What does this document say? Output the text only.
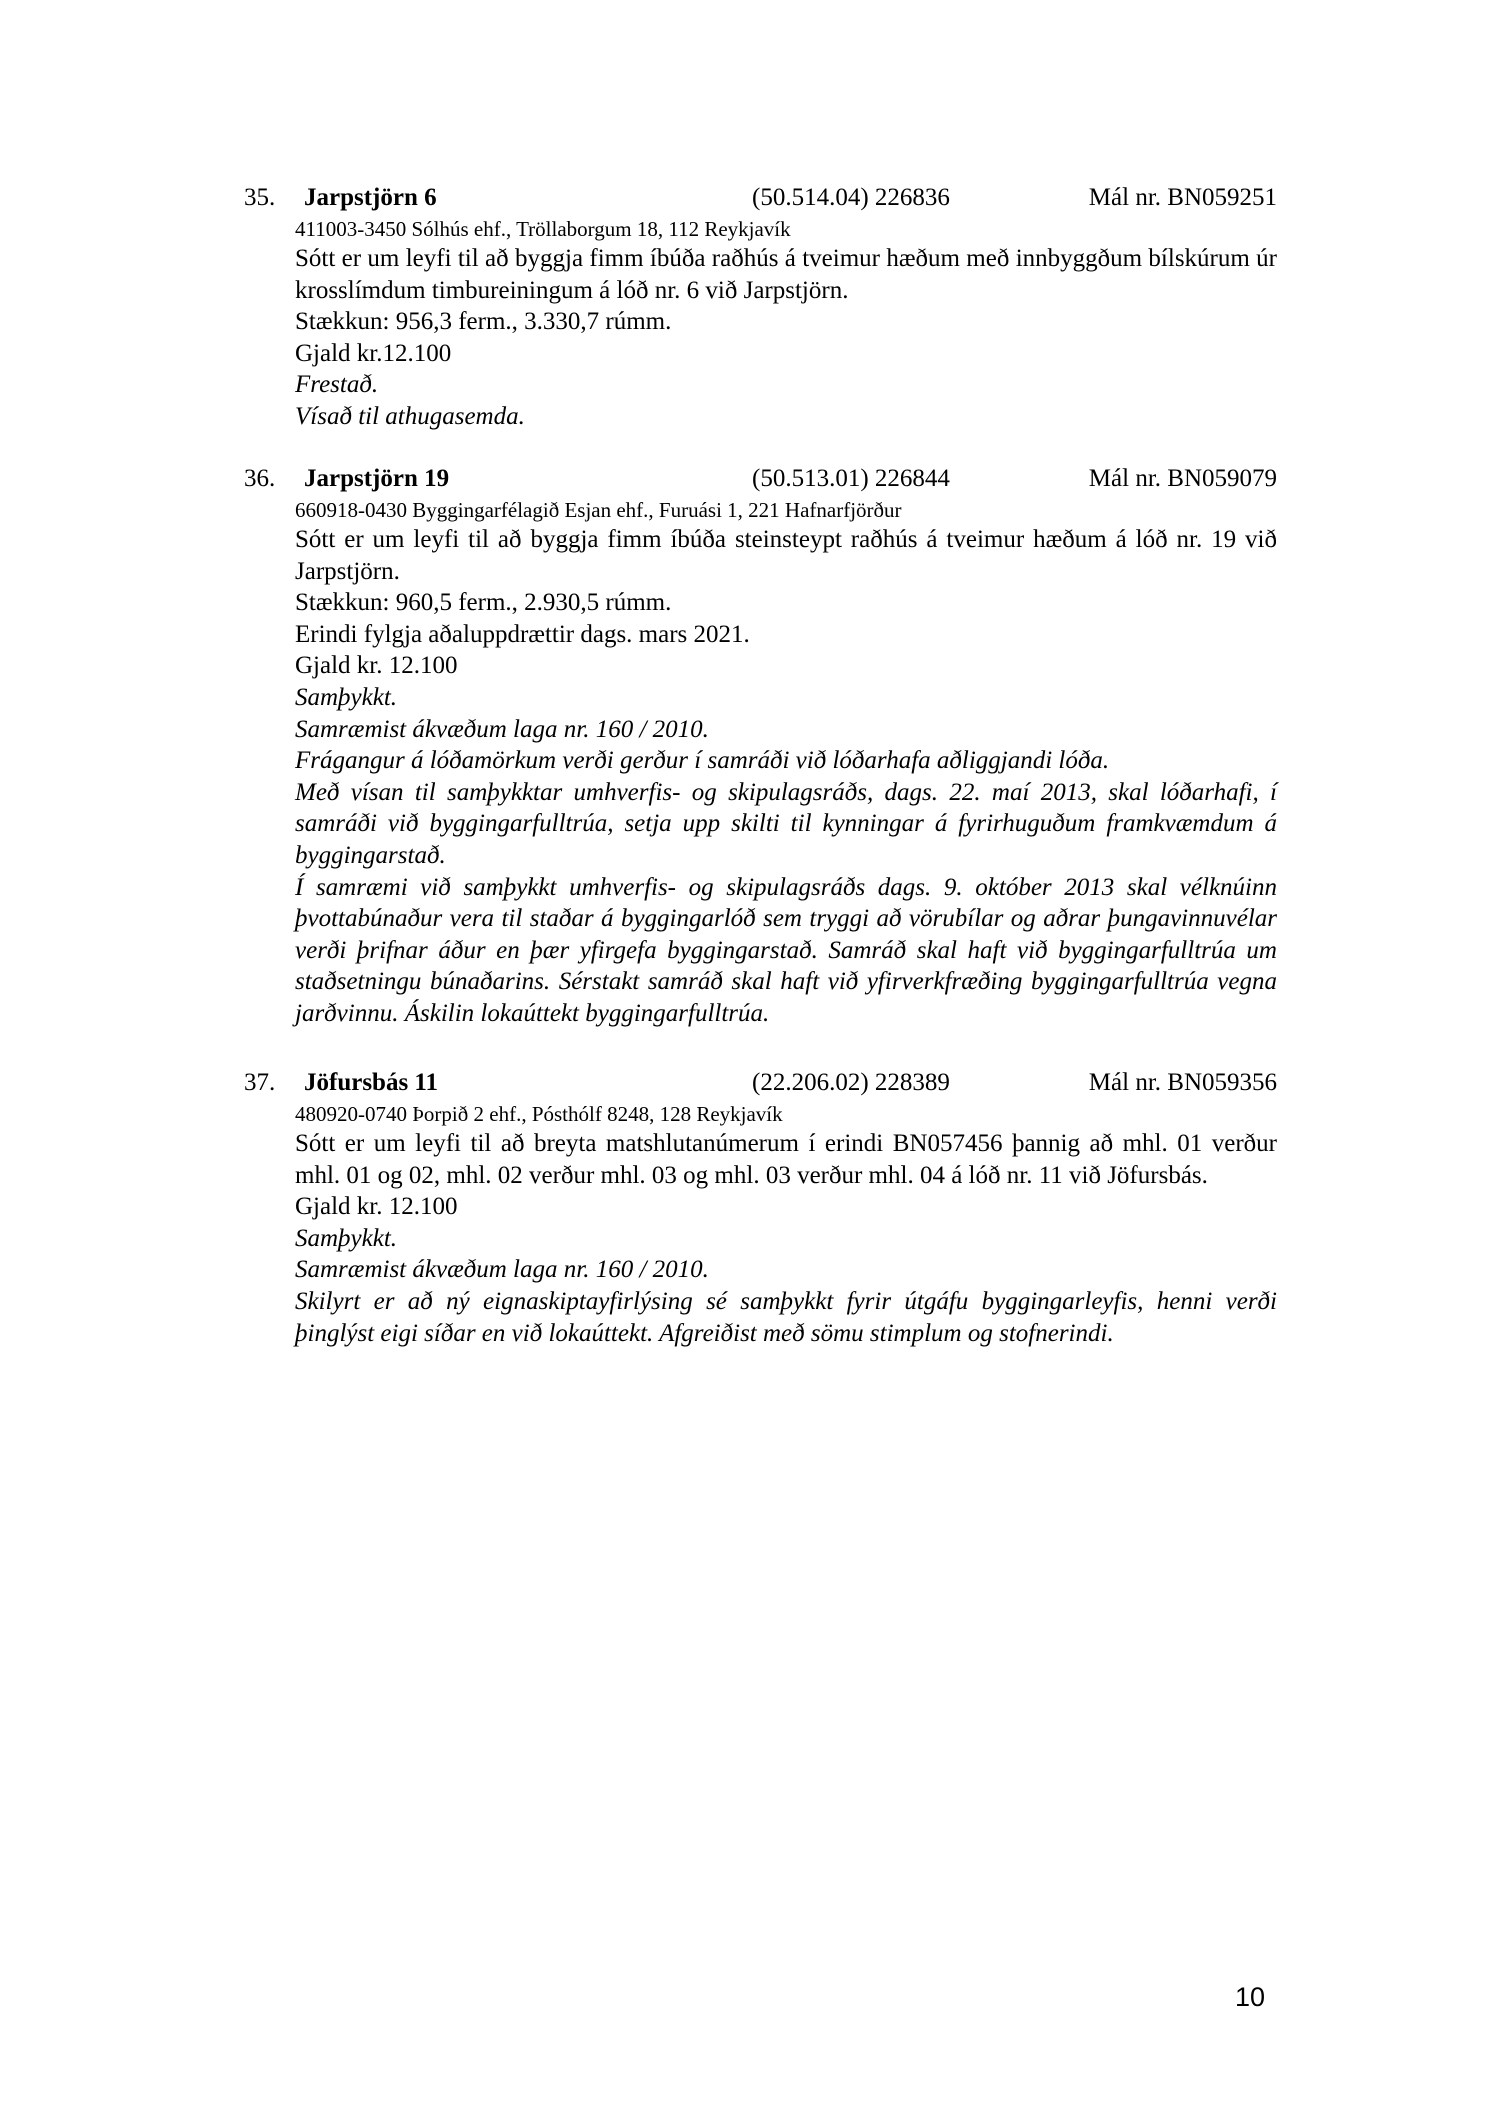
35. Jarpstjörn 6	(50.514.04) 226836	Mál nr. BN059251
411003-3450 Sólhús ehf., Tröllaborgum 18, 112 Reykjavík
Sótt er um leyfi til að byggja fimm íbúða raðhús á tveimur hæðum með innbyggðum bílskúrum úr krosslímdum timbureiningum á lóð nr. 6 við Jarpstjörn.
Stækkun: 956,3 ferm., 3.330,7 rúmm.
Gjald kr.12.100
Frestað.
Vísað til athugasemda.
36. Jarpstjörn 19	(50.513.01) 226844	Mál nr. BN059079
660918-0430 Byggingarfélagið Esjan ehf., Furuási 1, 221 Hafnarfjörður
Sótt er um leyfi til að byggja fimm íbúða steinsteypt raðhús á tveimur hæðum á lóð nr. 19 við Jarpstjörn.
Stækkun: 960,5 ferm., 2.930,5 rúmm.
Erindi fylgja aðaluppdrættir dags. mars 2021.
Gjald kr. 12.100
Samþykkt.
Samræmist ákvæðum laga nr. 160 / 2010.
Frágangur á lóðamörkum verði gerður í samráði við lóðarhafa aðliggjandi lóða.
Með vísan til samþykktar umhverfis- og skipulagsráðs, dags. 22. maí 2013, skal lóðarhafi, í samráði við byggingarfulltrúa, setja upp skilti til kynningar á fyrirhuguðum framkvæmdum á byggingarstað.
Í samræmi við samþykkt umhverfis- og skipulagsráðs dags. 9. október 2013 skal vélknúinn þvottabúnaður vera til staðar á byggingarlóð sem tryggi að vörubílar og aðrar þungavinnuvélar verði þrifnar áður en þær yfirgefa byggingarstað. Samráð skal haft við byggingarfulltrúa um staðsetningu búnaðarins. Sérstakt samráð skal haft við yfirverkfræðing byggingarfulltrúa vegna jarðvinnu. Áskilin lokaúttekt byggingarfulltrúa.
37. Jöfursbás 11	(22.206.02) 228389	Mál nr. BN059356
480920-0740 Þorpið 2 ehf., Pósthólf 8248, 128 Reykjavík
Sótt er um leyfi til að breyta matshlutanúmerum í erindi BN057456 þannig að mhl. 01 verður mhl. 01 og 02, mhl. 02 verður mhl. 03 og mhl. 03 verður mhl. 04 á lóð nr. 11 við Jöfursbás.
Gjald kr. 12.100
Samþykkt.
Samræmist ákvæðum laga nr. 160 / 2010.
Skilyrt er að ný eignaskiptayfirlýsing sé samþykkt fyrir útgáfu byggingarleyfis, henni verði þinglýst eigi síðar en við lokaúttekt. Afgreiðist með sömu stimplum og stofnerindi.
10
